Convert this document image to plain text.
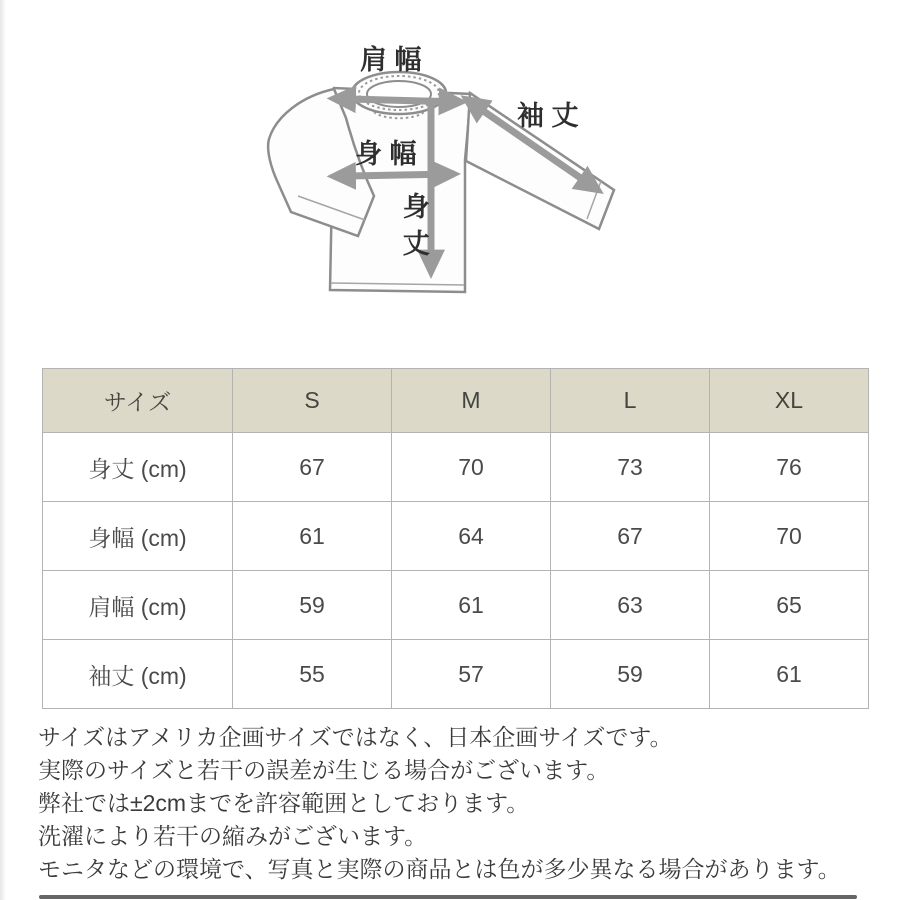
肩 幅
袖 丈
身 幅
身丈
サイズ	S	M	L	XL
身丈 (cm)	67	70	73	76
身幅 (cm)	61	64	67	70
肩幅 (cm)	59	61	63	65
袖丈 (cm)	55	57	59	61
サイズはアメリカ企画サイズではなく、日本企画サイズです。
実際のサイズと若干の誤差が生じる場合がございます。
弊社では±2cmまでを許容範囲としております。
洗濯により若干の縮みがございます。
モニタなどの環境で、写真と実際の商品とは色が多少異なる場合があります。
